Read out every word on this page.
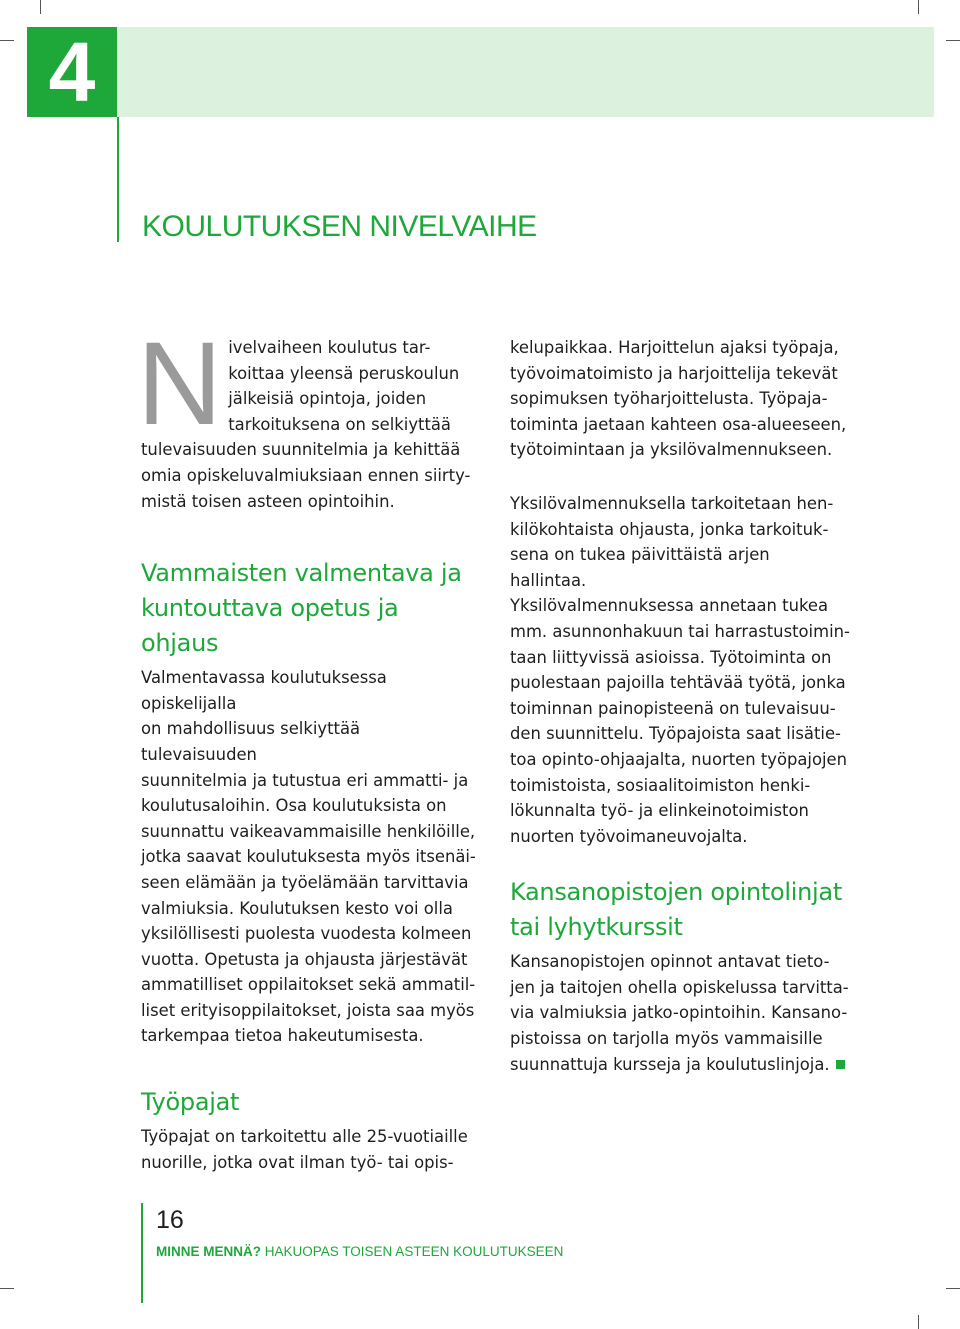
4
KOULUTUKSEN NIVELVAIHE
N ivelvaiheen koulutus tar-
koittaa yleensä peruskoulun
jälkeisiä opintoja, joiden
tarkoituksena on selkiyttää
tulevaisuuden suunnitelmia ja kehittää
omia opiskeluvalmiuksiaan ennen siirty-
mistä toisen asteen opintoihin.
Vammaisten valmentava ja
kuntouttava opetus ja ohjaus
Valmentavassa koulutuksessa opiskelijalla
on mahdollisuus selkiyttää tulevaisuuden
suunnitelmia ja tutustua eri ammatti- ja
koulutusaloihin. Osa koulutuksista on
suunnattu vaikeavammaisille henkilöille,
jotka saavat koulutuksesta myös itsenäi-
seen elämään ja työelämään tarvittavia
valmiuksia. Koulutuksen kesto voi olla
yksilöllisesti puolesta vuodesta kolmeen
vuotta. Opetusta ja ohjausta järjestävät
ammatilliset oppilaitokset sekä ammatil-
liset erityisoppilaitokset, joista saa myös
tarkempaa tietoa hakeutumisesta.
Työpajat
Työpajat on tarkoitettu alle 25-vuotiaille
nuorille, jotka ovat ilman työ- tai opis-
kelupaikkaa. Harjoittelun ajaksi työpaja,
työvoimatoimisto ja harjoittelija tekevät
sopimuksen työharjoittelusta. Työpaja-
toiminta jaetaan kahteen osa-alueeseen,
työtoimintaan ja yksilövalmennukseen.
Yksilövalmennuksella tarkoitetaan hen-
kilökohtaista ohjausta, jonka tarkoituk-
sena on tukea päivittäistä arjen hallintaa.
Yksilövalmennuksessa annetaan tukea
mm. asunnonhakuun tai harrastustoimin-
taan liittyvissä asioissa. Työtoiminta on
puolestaan pajoilla tehtävää työtä, jonka
toiminnan painopisteenä on tulevaisuu-
den suunnittelu. Työpajoista saat lisätie-
toa opinto-ohjaajalta, nuorten työpajojen
toimistoista, sosiaalitoimiston henki-
lökunnalta työ- ja elinkeinotoimiston
nuorten työvoimaneuvojalta.
Kansanopistojen opintolinjat
tai lyhytkurssit
Kansanopistojen opinnot antavat tieto-
jen ja taitojen ohella opiskelussa tarvitta-
via valmiuksia jatko-opintoihin. Kansano-
pistoissa on tarjolla myös vammaisille
suunnattuja kursseja ja koulutuslinjoja.
16
MINNE MENNÄ? HAKUOPAS TOISEN ASTEEN KOULUTUKSEEN
